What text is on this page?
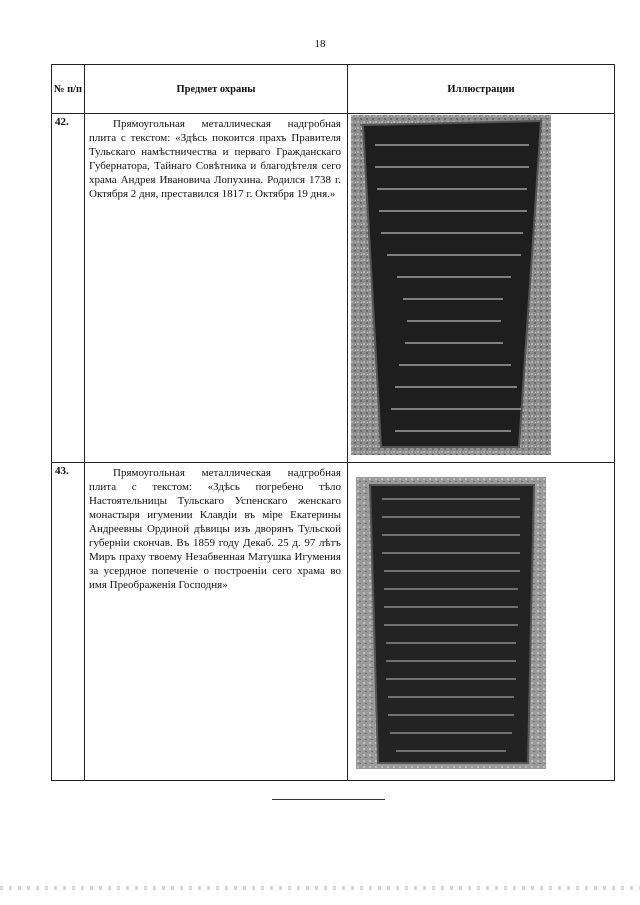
18
№ п/п	Предмет охраны	Иллюстрации
42.	Прямоугольная металлическая надгробная плита с текстом: «Здѣсь покоится прахъ Правителя Тульскаго намѣстничества и перваго Гражданскаго Губернатора, Тайнаго Совѣтника и благодѣтеля сего храма Андрея Ивановича Лопухина. Родился 1738 г. Октября 2 дня, преставился 1817 г. Октября 19 дня.»

43.	Прямоугольная металлическая надгробная плита с текстом: «Здѣсь погребено тѣло Настоятельницы Тульскаго Успенскаго женскаго монастыря игумении Клавдіи въ міре Екатерины Андреевны Ординой дѣвицы изъ дворянъ Тульской губерніи скончав. Въ 1859 году Декаб. 25 д. 97 лѣтъ Миръ праху твоему Незабвенная Матушка Игумения за усердное попеченіе о построеніи сего храма во имя Преображенія Господня»
